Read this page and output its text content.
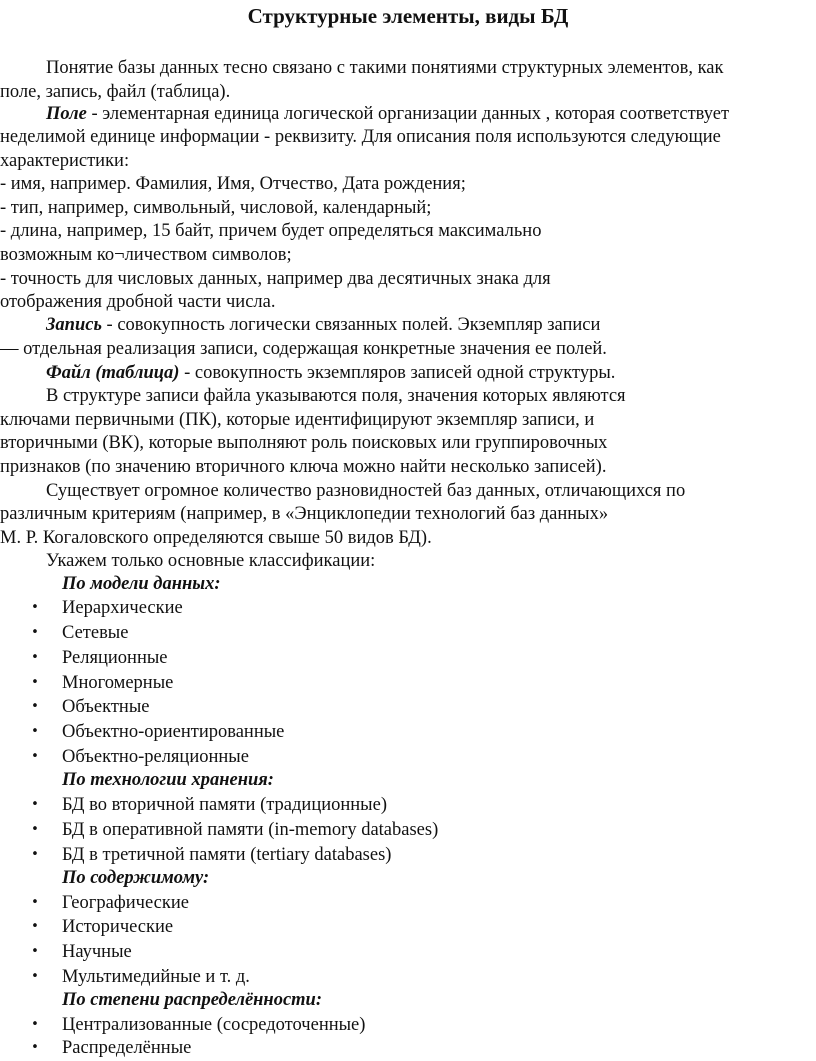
Структурные элементы, виды БД
Понятие базы данных тесно связано с такими понятиями структурных элементов, как
поле, запись, файл (таблица).
Поле - элементарная единица логической организации данных , которая соответствует
неделимой единице информации - реквизиту. Для описания поля используются следующие
характеристики:
- имя, например. Фамилия, Имя, Отчество, Дата рождения;
- тип, например, символьный, числовой, календарный;
- длина, например, 15 байт, причем будет определяться максимально
возможным ко¬личеством символов;
- точность для числовых данных, например два десятичных знака для
отображения дробной части числа.
Запись - совокупность логически связанных полей. Экземпляр записи
— отдельная реализация записи, содержащая конкретные значения ее полей.
Файл (таблица) - совокупность экземпляров записей одной структуры.
В структуре записи файла указываются поля, значения которых являются
ключами первичными (ПК), которые идентифицируют экземпляр записи, и
вторичными (ВК), которые выполняют роль поисковых или группировочных
признаков (по значению вторичного ключа можно найти несколько записей).
Существует огромное количество разновидностей баз данных, отличающихся по
различным критериям (например, в «Энциклопедии технологий баз данных»
М. Р. Когаловского определяются свыше 50 видов БД).
Укажем только основные классификации:
По модели данных:
• Иерархические
• Сетевые
• Реляционные
• Многомерные
• Объектные
• Объектно-ориентированные
• Объектно-реляционные
По технологии хранения:
• БД во вторичной памяти (традиционные)
• БД в оперативной памяти (in-memory databases)
• БД в третичной памяти (tertiary databases)
По содержимому:
• Географические
• Исторические
• Научные
• Мультимедийные и т. д.
По степени распределённости:
• Централизованные (сосредоточенные)
• Распределённые
